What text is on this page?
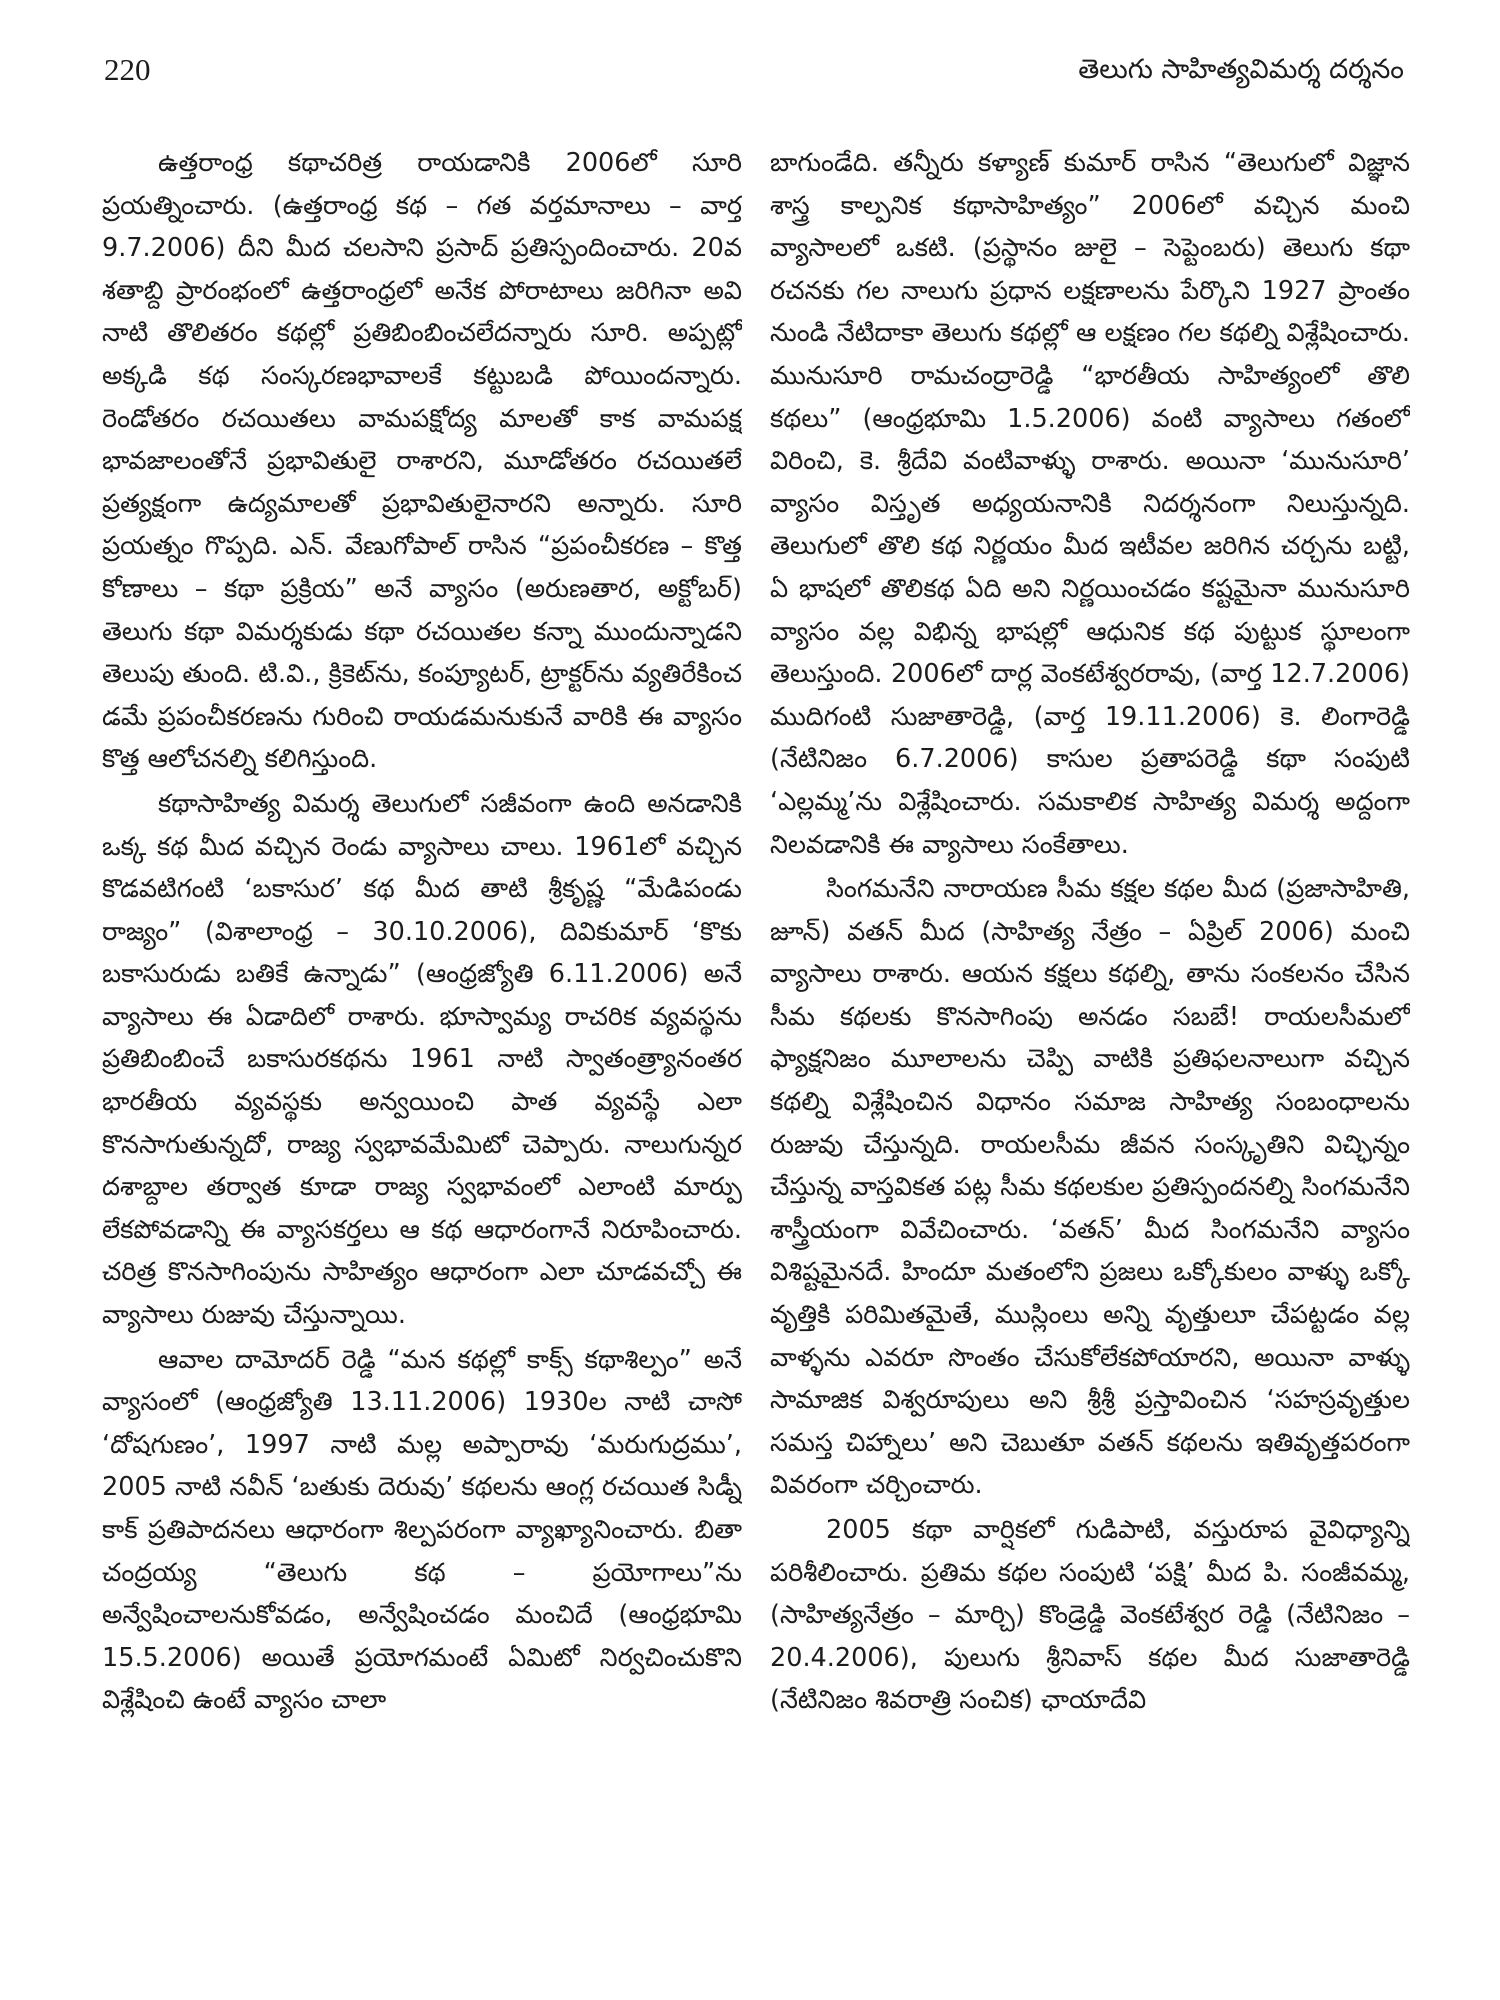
220	తెలుగు సాహిత్యవిమర్శ దర్శనం

ఉత్తరాంధ్ర కథాచరిత్ర రాయడానికి 2006లో సూరి ప్రయత్నించారు. (ఉత్తరాంధ్ర కథ – గత వర్తమానాలు – వార్త 9.7.2006) దీని మీద చలసాని ప్రసాద్ ప్రతిస్పందించారు. 20వ శతాబ్ది ప్రారంభంలో ఉత్తరాంధ్రలో అనేక పోరాటాలు జరిగినా అవి నాటి తొలితరం కథల్లో ప్రతిబింబించలేదన్నారు సూరి. అప్పట్లో అక్కడి కథ సంస్కరణభావాలకే కట్టుబడి పోయిందన్నారు. రెండోతరం రచయితలు వామపక్షోద్య మాలతో కాక వామపక్ష భావజాలంతోనే ప్రభావితులై రాశారని, మూడోతరం రచయితలే ప్రత్యక్షంగా ఉద్యమాలతో ప్రభావితులైనారని అన్నారు. సూరి ప్రయత్నం గొప్పది. ఎన్. వేణుగోపాల్ రాసిన “ప్రపంచీకరణ – కొత్త కోణాలు – కథా ప్రక్రియ” అనే వ్యాసం (అరుణతార, అక్టోబర్) తెలుగు కథా విమర్శకుడు కథా రచయితల కన్నా ముందున్నాడని తెలుపు తుంది. టి.వి., క్రికెట్‌ను, కంప్యూటర్, ట్రాక్టర్‌ను వ్యతిరేకించ డమే ప్రపంచీకరణను గురించి రాయడమనుకునే వారికి ఈ వ్యాసం కొత్త ఆలోచనల్ని కలిగిస్తుంది.

కథాసాహిత్య విమర్శ తెలుగులో సజీవంగా ఉంది అనడానికి ఒక్క కథ మీద వచ్చిన రెండు వ్యాసాలు చాలు. 1961లో వచ్చిన కొడవటిగంటి ‘బకాసుర’ కథ మీద తాటి శ్రీకృష్ణ “మేడిపండు రాజ్యం” (విశాలాంధ్ర – 30.10.2006), దివికుమార్ ‘కొకు బకాసురుడు బతికే ఉన్నాడు” (ఆంధ్రజ్యోతి 6.11.2006) అనే వ్యాసాలు ఈ ఏడాదిలో రాశారు. భూస్వామ్య రాచరిక వ్యవస్థను ప్రతిబింబించే బకాసురకథను 1961 నాటి స్వాతంత్ర్యానంతర భారతీయ వ్యవస్థకు అన్వయించి పాత వ్యవస్థే ఎలా కొనసాగుతున్నదో, రాజ్య స్వభావమేమిటో చెప్పారు. నాలుగున్నర దశాబ్దాల తర్వాత కూడా రాజ్య స్వభావంలో ఎలాంటి మార్పు లేకపోవడాన్ని ఈ వ్యాసకర్తలు ఆ కథ ఆధారంగానే నిరూపించారు. చరిత్ర కొనసాగింపును సాహిత్యం ఆధారంగా ఎలా చూడవచ్చో ఈ వ్యాసాలు రుజువు చేస్తున్నాయి.

ఆవాల దామోదర్ రెడ్డి “మన కథల్లో కాక్స్ కథాశిల్పం” అనే వ్యాసంలో (ఆంధ్రజ్యోతి 13.11.2006) 1930ల నాటి చాసో ‘దోషగుణం’, 1997 నాటి మల్ల అప్పారావు ‘మరుగుద్రము’, 2005 నాటి నవీన్ ‘బతుకు దెరువు’ కథలను ఆంగ్ల రచయిత సిడ్నీ కాక్ ప్రతిపాదనలు ఆధారంగా శిల్పపరంగా వ్యాఖ్యానించారు. బితా చంద్రయ్య “తెలుగు కథ – ప్రయోగాలు”ను అన్వేషించాలనుకోవడం, అన్వేషించడం మంచిదే (ఆంధ్రభూమి 15.5.2006) అయితే ప్రయోగమంటే ఏమిటో నిర్వచించుకొని విశ్లేషించి ఉంటే వ్యాసం చాలా

బాగుండేది. తన్నీరు కళ్యాణ్ కుమార్ రాసిన “తెలుగులో విజ్ఞాన శాస్త్ర కాల్పనిక కథాసాహిత్యం” 2006లో వచ్చిన మంచి వ్యాసాలలో ఒకటి. (ప్రస్థానం జులై – సెప్టెంబరు) తెలుగు కథా రచనకు గల నాలుగు ప్రధాన లక్షణాలను పేర్కొని 1927 ప్రాంతం నుండి నేటిదాకా తెలుగు కథల్లో ఆ లక్షణం గల కథల్ని విశ్లేషించారు. మునుసూరి రామచంద్రారెడ్డి “భారతీయ సాహిత్యంలో తొలి కథలు” (ఆంధ్రభూమి 1.5.2006) వంటి వ్యాసాలు గతంలో విరించి, కె. శ్రీదేవి వంటివాళ్ళు రాశారు. అయినా ‘మునుసూరి’ వ్యాసం విస్తృత అధ్యయనానికి నిదర్శనంగా నిలుస్తున్నది. తెలుగులో తొలి కథ నిర్ణయం మీద ఇటీవల జరిగిన చర్చను బట్టి, ఏ భాషలో తొలికథ ఏది అని నిర్ణయించడం కష్టమైనా మునుసూరి వ్యాసం వల్ల విభిన్న భాషల్లో ఆధునిక కథ పుట్టుక స్థూలంగా తెలుస్తుంది. 2006లో దార్ల వెంకటేశ్వరరావు, (వార్త 12.7.2006) ముదిగంటి సుజాతారెడ్డి, (వార్త 19.11.2006) కె. లింగారెడ్డి (నేటినిజం 6.7.2006) కాసుల ప్రతాపరెడ్డి కథా సంపుటి ‘ఎల్లమ్మ’ను విశ్లేషించారు. సమకాలిక సాహిత్య విమర్శ అద్దంగా నిలవడానికి ఈ వ్యాసాలు సంకేతాలు.

సింగమనేని నారాయణ సీమ కక్షల కథల మీద (ప్రజాసాహితి, జూన్) వతన్ మీద (సాహిత్య నేత్రం – ఏప్రిల్ 2006) మంచి వ్యాసాలు రాశారు. ఆయన కక్షలు కథల్ని, తాను సంకలనం చేసిన సీమ కథలకు కొనసాగింపు అనడం సబబే! రాయలసీమలో ఫ్యాక్షనిజం మూలాలను చెప్పి వాటికి ప్రతిఫలనాలుగా వచ్చిన కథల్ని విశ్లేషించిన విధానం సమాజ సాహిత్య సంబంధాలను రుజువు చేస్తున్నది. రాయలసీమ జీవన సంస్కృతిని విచ్ఛిన్నం చేస్తున్న వాస్తవికత పట్ల సీమ కథలకుల ప్రతిస్పందనల్ని సింగమనేని శాస్త్రీయంగా వివేచించారు. ‘వతన్’ మీద సింగమనేని వ్యాసం విశిష్టమైనదే. హిందూ మతంలోని ప్రజలు ఒక్కోకులం వాళ్ళు ఒక్కో వృత్తికి పరిమితమైతే, ముస్లింలు అన్ని వృత్తులూ చేపట్టడం వల్ల వాళ్ళను ఎవరూ సొంతం చేసుకోలేకపోయారని, అయినా వాళ్ళు సామాజిక విశ్వరూపులు అని శ్రీశ్రీ ప్రస్తావించిన ‘సహస్రవృత్తుల సమస్త చిహ్నాలు’ అని చెబుతూ వతన్ కథలను ఇతివృత్తపరంగా వివరంగా చర్చించారు.

2005 కథా వార్షికలో గుడిపాటి, వస్తురూప వైవిధ్యాన్ని పరిశీలించారు. ప్రతిమ కథల సంపుటి ‘పక్షి’ మీద పి. సంజీవమ్మ, (సాహిత్యనేత్రం – మార్చి) కొండ్రెడ్డి వెంకటేశ్వర రెడ్డి (నేటినిజం – 20.4.2006), పులుగు శ్రీనివాస్ కథల మీద సుజాతారెడ్డి (నేటినిజం శివరాత్రి సంచిక) ఛాయాదేవి
